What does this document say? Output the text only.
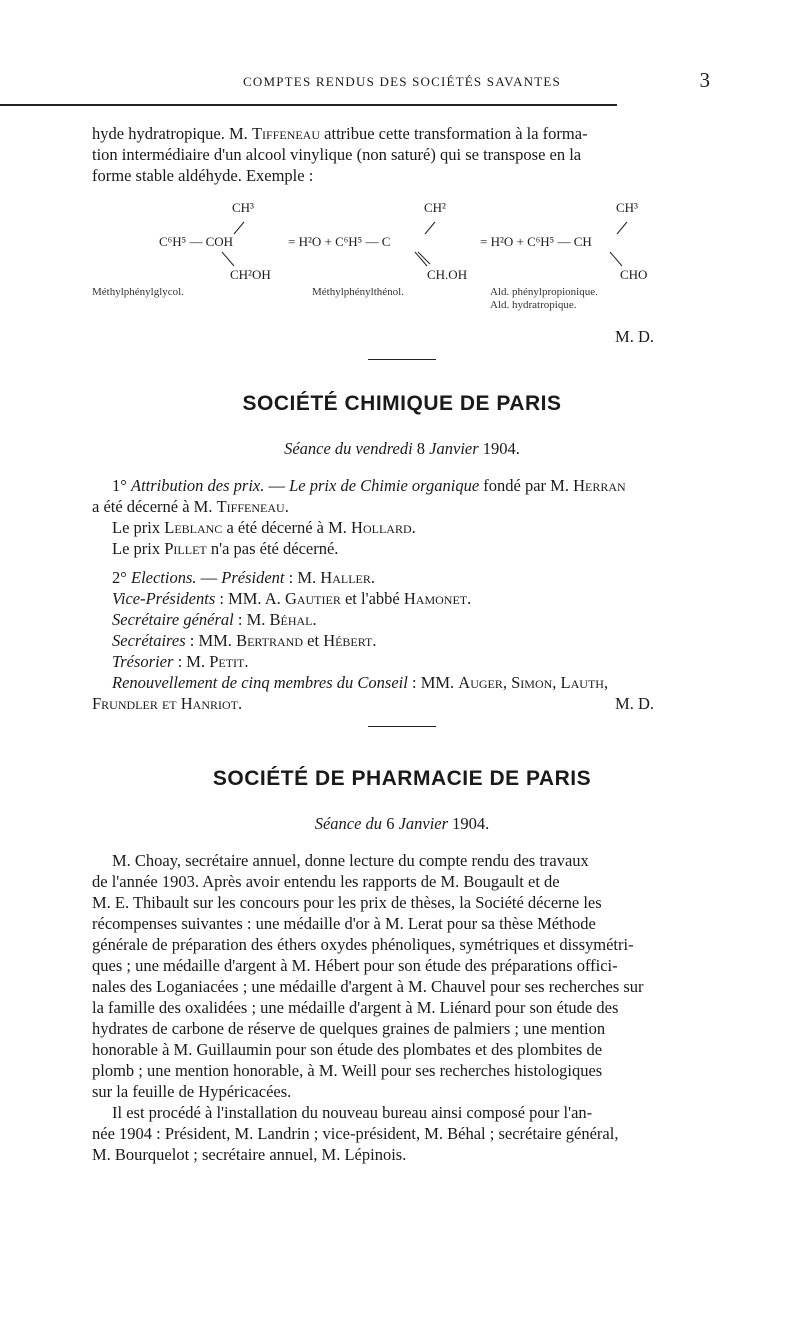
COMPTES RENDUS DES SOCIÉTÉS SAVANTES	3

hyde hydratropique. M. Tiffeneau attribue cette transformation à la forma-

tion intermédiaire d'un alcool vinylique (non saturé) qui se transpose en la

forme stable aldéhyde. Exemple :

CH³	CH²	CH³
C⁶H⁵ — COH	= H²O + C⁶H⁵ — C	= H²O + C⁶H⁵ — CH
CH²OH	CH.OH	CHO
Méthylphénylglycol.	Méthylphénylthénol.	Ald. phénylpropionique.
Ald. hydratropique.

M. D.

SOCIÉTÉ CHIMIQUE DE PARIS

Séance du vendredi 8 Janvier 1904.

1° Attribution des prix. — Le prix de Chimie organique fondé par M. Herran

a été décerné à M. Tiffeneau.

Le prix Leblanc a été décerné à M. Hollard.

Le prix Pillet n'a pas été décerné.

2° Elections. — Président : M. Haller.

Vice-Présidents : MM. A. Gautier et l'abbé Hamonet.

Secrétaire général : M. Béhal.

Secrétaires : MM. Bertrand et Hébert.

Trésorier : M. Petit.

Renouvellement de cinq membres du Conseil : MM. Auger, Simon, Lauth,

Frundler et Hanriot.	M. D.

SOCIÉTÉ DE PHARMACIE DE PARIS

Séance du 6 Janvier 1904.

M. Choay, secrétaire annuel, donne lecture du compte rendu des travaux

de l'année 1903. Après avoir entendu les rapports de M. Bougault et de

M. E. Thibault sur les concours pour les prix de thèses, la Société décerne les

récompenses suivantes : une médaille d'or à M. Lerat pour sa thèse Méthode

générale de préparation des éthers oxydes phénoliques, symétriques et dissymétri-

ques ; une médaille d'argent à M. Hébert pour son étude des préparations offici-

nales des Loganiacées ; une médaille d'argent à M. Chauvel pour ses recherches sur

la famille des oxalidées ; une médaille d'argent à M. Liénard pour son étude des

hydrates de carbone de réserve de quelques graines de palmiers ; une mention

honorable à M. Guillaumin pour son étude des plombates et des plombites de

plomb ; une mention honorable, à M. Weill pour ses recherches histologiques

sur la feuille de Hypéricacées.

Il est procédé à l'installation du nouveau bureau ainsi composé pour l'an-

née 1904 : Président, M. Landrin ; vice-président, M. Béhal ; secrétaire général,

M. Bourquelot ; secrétaire annuel, M. Lépinois.
